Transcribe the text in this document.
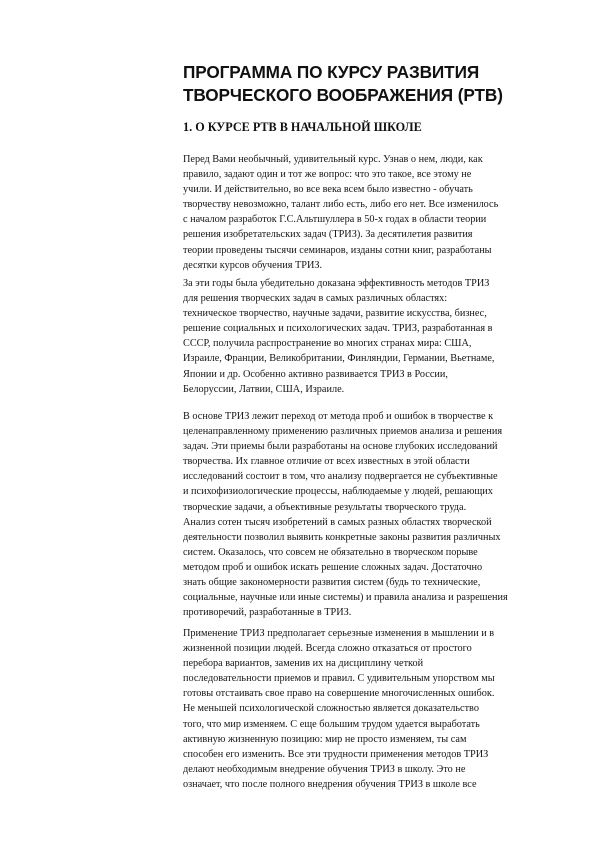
ПРОГРАММА ПО КУРСУ РАЗВИТИЯ
ТВОРЧЕСКОГО ВООБРАЖЕНИЯ (РТВ)
1. О КУРСЕ РТВ В НАЧАЛЬНОЙ ШКОЛЕ
Перед Вами необычный, удивительный курс. Узнав о нем, люди, как
правило, задают один и тот же вопрос: что это такое, все этому не
учили. И действительно, во все века всем было известно - обучать
творчеству невозможно, талант либо есть, либо его нет. Все изменилось
с началом разработок Г.С.Альтшуллера в 50-х годах в области теории
решения изобретательских задач (ТРИЗ). За десятилетия развития
теории проведены тысячи семинаров, изданы сотни книг, разработаны
десятки курсов обучения ТРИЗ.
За эти годы была убедительно доказана эффективность методов ТРИЗ
для решения творческих задач в самых различных областях:
техническое творчество, научные задачи, развитие искусства, бизнес,
решение социальных и психологических задач. ТРИЗ, разработанная в
СССР, получила распространение во многих странах мира: США,
Израиле, Франции, Великобритании, Финляндии, Германии, Вьетнаме,
Японии и др. Особенно активно развивается ТРИЗ в России,
Белоруссии, Латвии, США, Израиле.
В основе ТРИЗ лежит переход от метода проб и ошибок в творчестве к
целенаправленному применению различных приемов анализа и решения
задач. Эти приемы были разработаны на основе глубоких исследований
творчества. Их главное отличие от всех известных в этой области
исследований состоит в том, что анализу подвергается не субъективные
и психофизиологические процессы, наблюдаемые у людей, решающих
творческие задачи, а объективные результаты творческого труда.
Анализ сотен тысяч изобретений в самых разных областях творческой
деятельности позволил выявить конкретные законы развития различных
систем. Оказалось, что совсем не обязательно в творческом порыве
методом проб и ошибок искать решение сложных задач. Достаточно
знать общие закономерности развития систем (будь то технические,
социальные, научные или иные системы) и правила анализа и разрешения
противоречий, разработанные в ТРИЗ.
Применение ТРИЗ предполагает серьезные изменения в мышлении и в
жизненной позиции людей. Всегда сложно отказаться от простого
перебора вариантов, заменив их на дисциплину четкой
последовательности приемов и правил. С удивительным упорством мы
готовы отстаивать свое право на совершение многочисленных ошибок.
Не меньшей психологической сложностью является доказательство
того, что мир изменяем. С еще большим трудом удается выработать
активную жизненную позицию: мир не просто изменяем, ты сам
способен его изменить. Все эти трудности применения методов ТРИЗ
делают необходимым внедрение обучения ТРИЗ в школу. Это не
означает, что после полного внедрения обучения ТРИЗ в школе все
